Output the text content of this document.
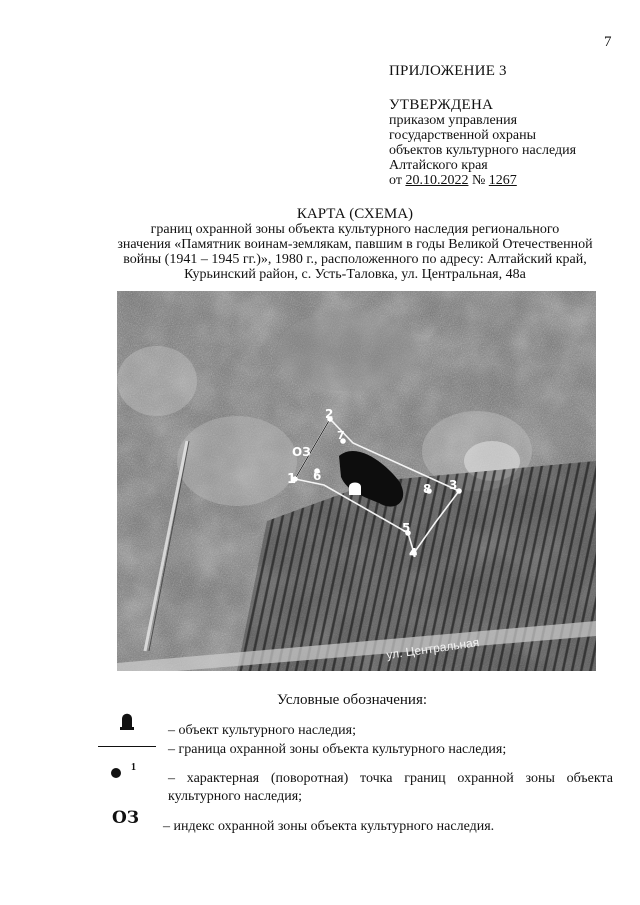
7
ПРИЛОЖЕНИЕ 3
УТВЕРЖДЕНА
приказом управления
государственной охраны
объектов культурного наследия
Алтайского края
от 20.10.2022 № 1267
КАРТА (СХЕМА)
границ охранной зоны объекта культурного наследия регионального
значения «Памятник воинам-землякам, павшим в годы Великой Отечественной
войны (1941 – 1945 гг.)», 1980 г., расположенного по адресу: Алтайский край,
Курьинский район, с. Усть-Таловка, ул. Центральная, 48а
ул. Центральная
1
2
3
4
5
6
7
8
ОЗ
Условные обозначения:
– объект культурного наследия;
– граница охранной зоны объекта культурного наследия;
1
– характерная (поворотная) точка границ охранной зоны объекта культурного наследия;
ОЗ – индекс охранной зоны объекта культурного наследия.
